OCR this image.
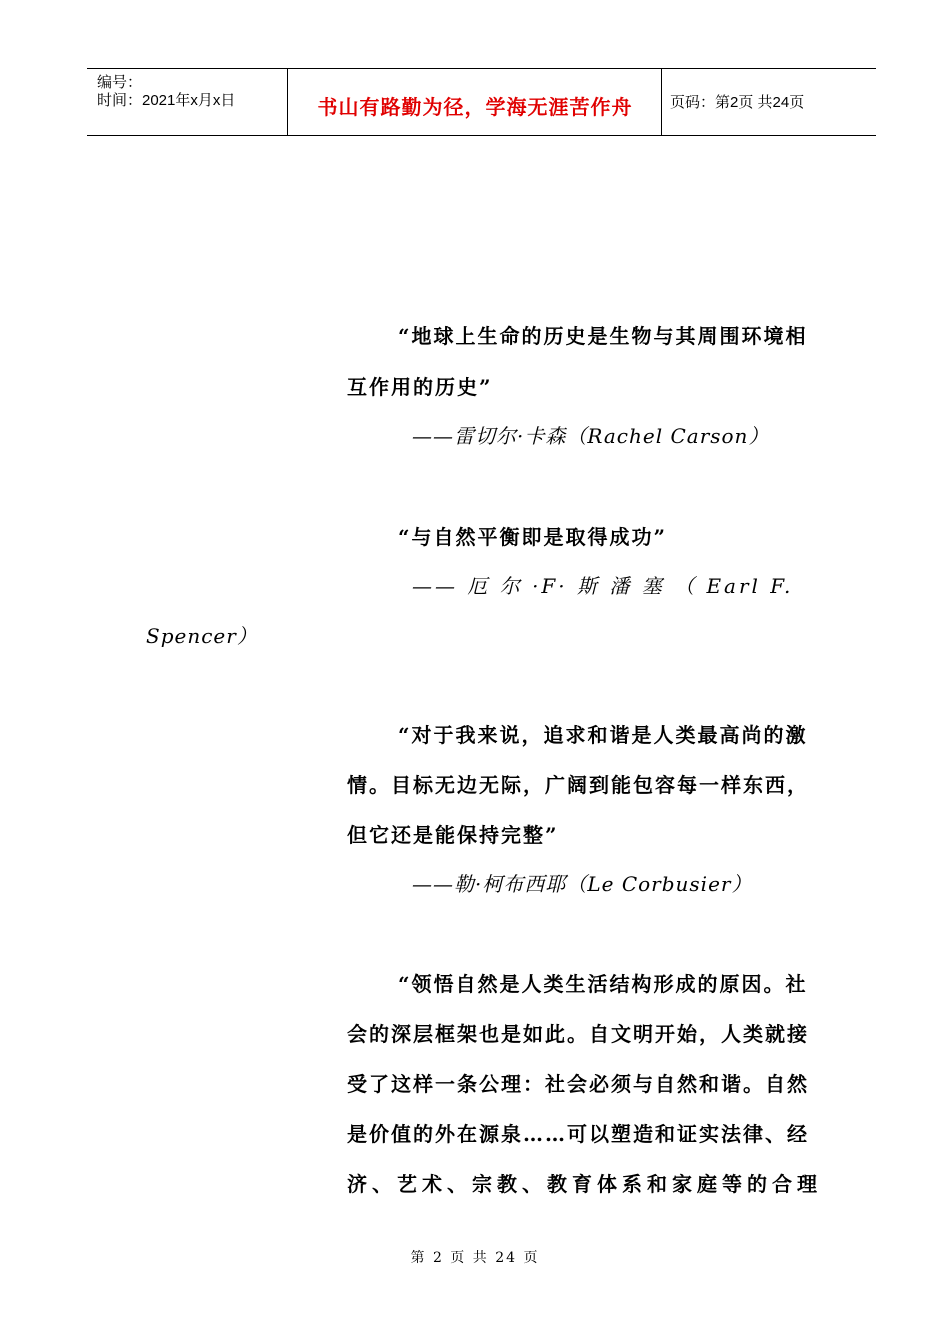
编号：
时间：2021年x月x日	书山有路勤为径，学海无涯苦作舟	页码：第2页 共24页
“地球上生命的历史是生物与其周围环境相
互作用的历史”
——雷切尔·卡森（Rachel Carson）
“与自然平衡即是取得成功”
—— 厄 尔 ·F· 斯 潘 塞 （ Earl F.
Spencer）
“对于我来说，追求和谐是人类最高尚的激
情。目标无边无际，广阔到能包容每一样东西，
但它还是能保持完整”
——勒·柯布西耶（Le Corbusier）
“领悟自然是人类生活结构形成的原因。社
会的深层框架也是如此。自文明开始，人类就接
受了这样一条公理：社会必须与自然和谐。自然
是价值的外在源泉……可以塑造和证实法律、经
济、艺术、宗教、教育体系和家庭等的合理
第 2 页 共 24 页
